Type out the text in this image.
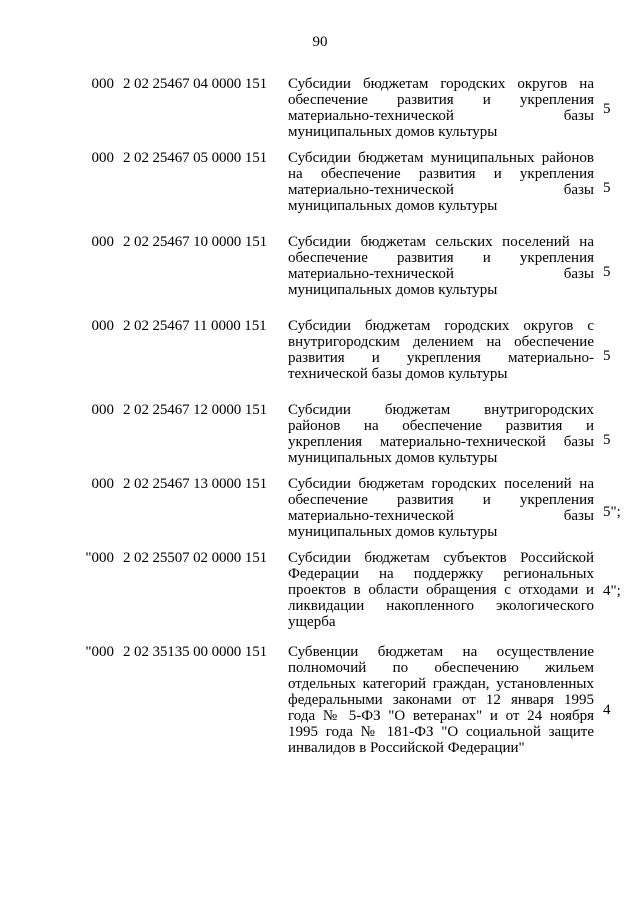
90
000 2 02 25467 04 0000 151	Субсидии бюджетам городских округов на
обеспечение развития и укрепления
материально-технической базы
муниципальных домов культуры
5
000 2 02 25467 05 0000 151	Субсидии бюджетам муниципальных районов
на обеспечение развития и укрепления
материально-технической базы
муниципальных домов культуры
5
000 2 02 25467 10 0000 151	Субсидии бюджетам сельских поселений на
обеспечение развития и укрепления
материально-технической базы
муниципальных домов культуры
5
000 2 02 25467 11 0000 151	Субсидии бюджетам городских округов с
внутригородским делением на обеспечение
развития и укрепления материально-
технической базы домов культуры
5
000 2 02 25467 12 0000 151	Субсидии бюджетам внутригородских
районов на обеспечение развития и
укрепления материально-технической базы
муниципальных домов культуры
5
000 2 02 25467 13 0000 151	Субсидии бюджетам городских поселений на
обеспечение развития и укрепления
материально-технической базы
муниципальных домов культуры
5";
"000 2 02 25507 02 0000 151	Субсидии бюджетам субъектов Российской
Федерации на поддержку региональных
проектов в области обращения с отходами и
ликвидации накопленного экологического
ущерба
4";
"000 2 02 35135 00 0000 151	Субвенции бюджетам на осуществление
полномочий по обеспечению жильем
отдельных категорий граждан, установленных
федеральными законами от 12 января 1995
года № 5-ФЗ "О ветеранах" и от 24 ноября
1995 года № 181-ФЗ "О социальной защите
инвалидов в Российской Федерации"
4
